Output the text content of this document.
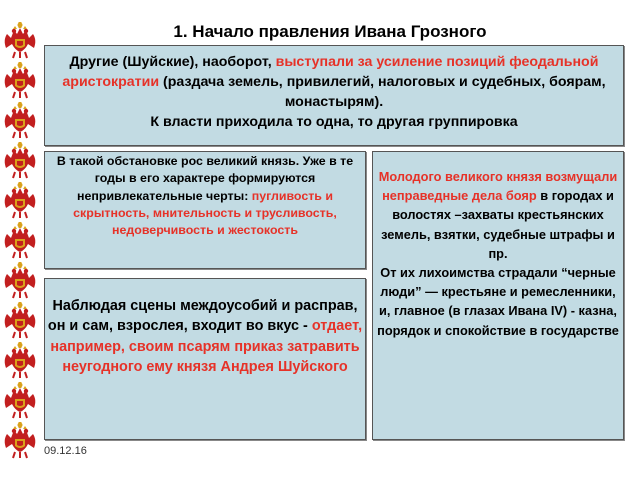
1. Начало правления Ивана Грозного
Другие (Шуйские), наоборот, выступали за усиление позиций феодальной аристократии (раздача земель, привилегий, налоговых и судебных, боярам, монастырям).
К власти приходила то одна, то другая группировка
В такой обстановке рос великий князь. Уже в те годы в его характере формируются непривлекательные черты: пугливость и скрытность, мнительность и трусливость, недоверчивость и жестокость
Наблюдая сцены междоусобий и расправ, он и сам, взрослея, входит во вкус - отдает, например, своим псарям приказ затравить неугодного ему князя Андрея Шуйского
Молодого великого князя возмущали неправедные дела бояр в городах и волостях –захваты крестьянских земель, взятки, судебные штрафы и пр.
От их лихоимства страдали “черные люди” — крестьяне и ремесленники, и, главное (в глазах Ивана IV) - казна, порядок и спокойствие в государстве
09.12.16
